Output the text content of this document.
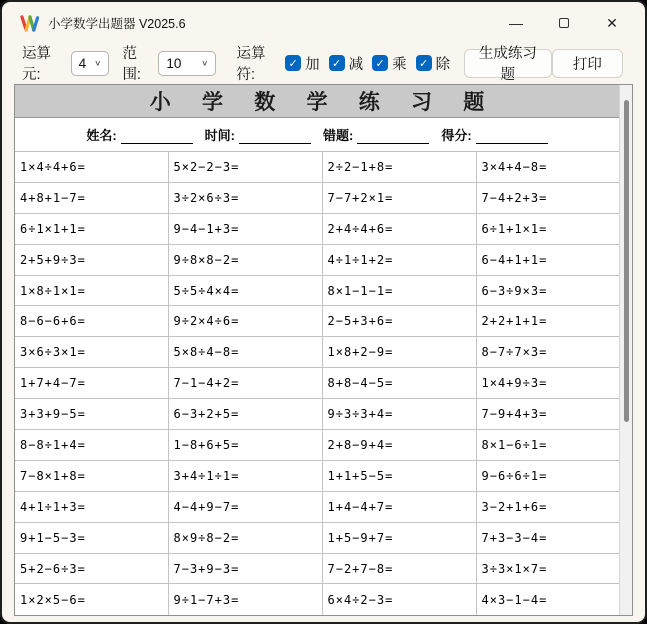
小学数学出题器 V2025.6	—	✕
运算元:
4 ∨
范围:
10 ∨
运算符:
✓ 加	✓ 减	✓ 乘	✓ 除
生成练习题
打印
小 学 数 学 练 习 题
姓名:	时间:	错题:	得分:
1×4÷4+6=	5×2−2−3=	2÷2−1+8=	3×4+4−8=
4+8+1−7=	3÷2×6÷3=	7−7+2×1=	7−4+2+3=
6÷1×1+1=	9−4−1+3=	2+4÷4+6=	6÷1+1×1=
2+5+9÷3=	9÷8×8−2=	4÷1÷1+2=	6−4+1+1=
1×8÷1×1=	5÷5÷4×4=	8×1−1−1=	6−3÷9×3=
8−6−6+6=	9÷2×4÷6=	2−5+3+6=	2+2+1+1=
3×6÷3×1=	5×8÷4−8=	1×8+2−9=	8−7÷7×3=
1+7+4−7=	7−1−4+2=	8+8−4−5=	1×4+9÷3=
3+3+9−5=	6−3+2+5=	9÷3÷3+4=	7−9+4+3=
8−8÷1+4=	1−8+6+5=	2+8−9+4=	8×1−6÷1=
7−8×1+8=	3+4÷1÷1=	1+1+5−5=	9−6÷6÷1=
4+1÷1+3=	4−4+9−7=	1+4−4+7=	3−2+1+6=
9+1−5−3=	8×9÷8−2=	1+5−9+7=	7+3−3−4=
5+2−6÷3=	7−3+9−3=	7−2+7−8=	3÷3×1×7=
1×2×5−6=	9÷1−7+3=	6×4÷2−3=	4×3−1−4=
